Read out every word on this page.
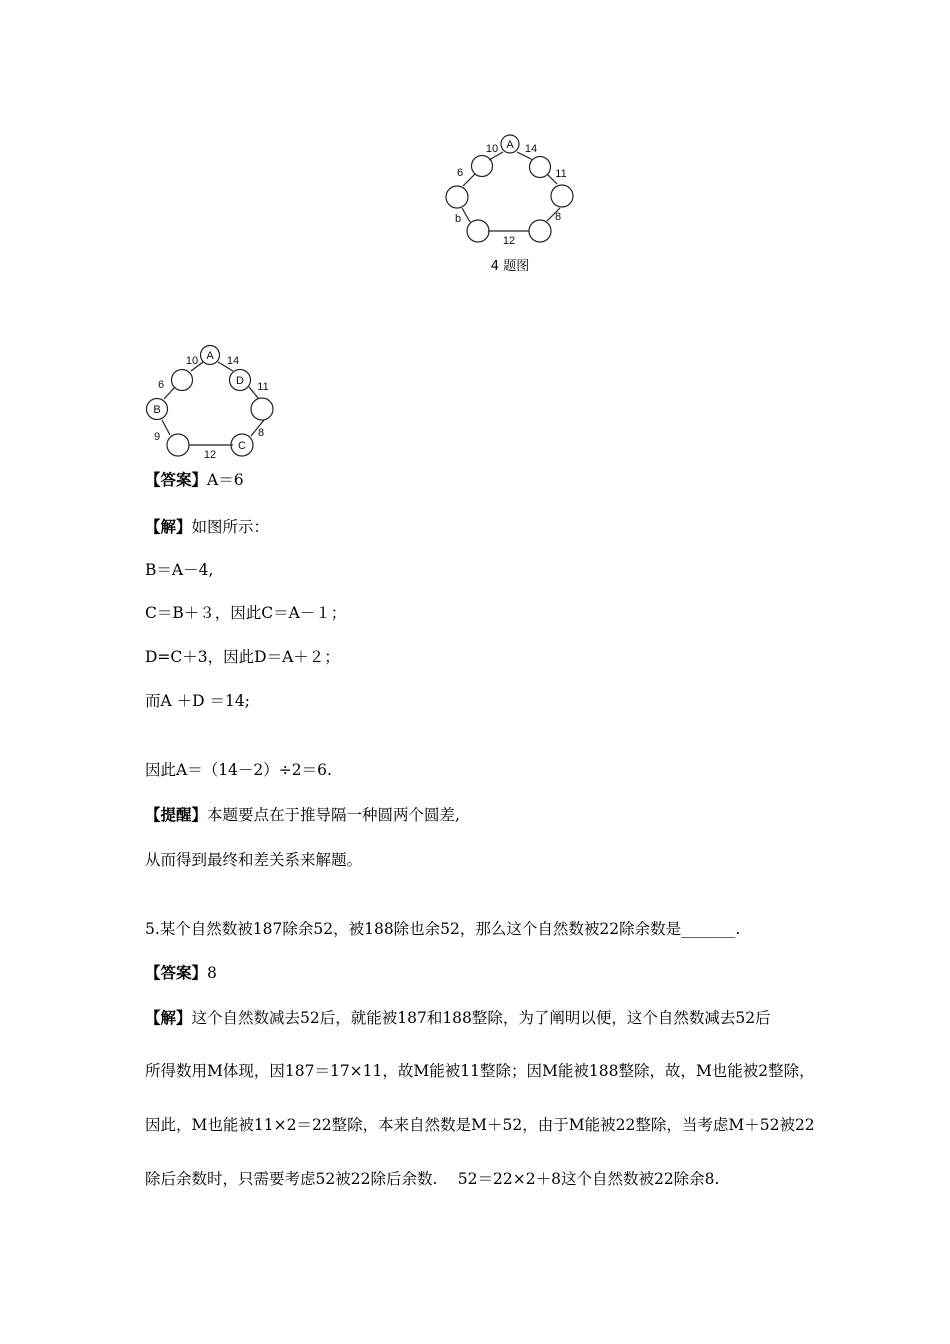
A
10 14
6	11
b	8
12
4 题图
A
D
B
C
10	14
6	11
9	8
12
【答案】A＝6
【解】如图所示：
B＝A－4,
C＝B＋３，因此C＝A－１；
D=C＋3，因此D＝A＋２；
而A ＋D ＝14;
因此A＝（14－2）÷2＝6.
【提醒】本题要点在于推导隔一种圆两个圆差,
从而得到最终和差关系来解题。
5.某个自然数被187除余52，被188除也余52，那么这个自然数被22除余数是_______.
【答案】8
【解】这个自然数减去52后，就能被187和188整除，为了阐明以便，这个自然数减去52后
所得数用M体现，因187＝17×11，故M能被11整除；因M能被188整除，故，M也能被2整除，
因此，M也能被11×2＝22整除，本来自然数是M＋52，由于M能被22整除，当考虑M＋52被22
除后余数时，只需要考虑52被22除后余数.　 52＝22×2＋8这个自然数被22除余8.
